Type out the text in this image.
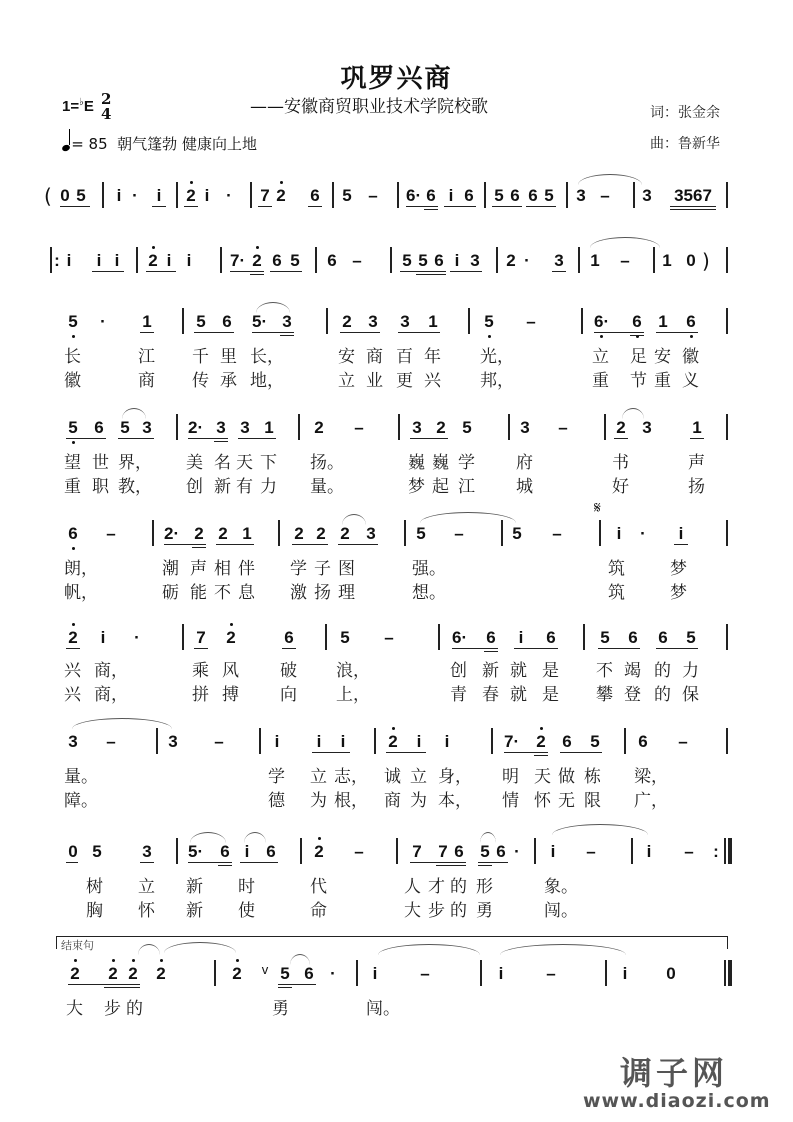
巩罗兴商
——安徽商贸职业技术学院校歌
1=♭E 2
4	词：张金余
曲：鲁新华
= 85 朝气篷勃 健康向上地
( 0 5 i · i 2 i · 7 2 6 5 – 6· 6 i 6 5 6 6 5 3 – 3	3567
: i i i 2 i i 7· 2 6 5 6 – 5 5 6 i 3 2 · 3 1 – 1 0 )
5 · 1	5 6 5· 3	2 3 3 1	5 –	6· 6 1 6
长	江 千 里 长，	安 商 百 年 光，	立 足 安 徽
徽	商 传 承 地，	立 业 更 兴 邦，	重 节 重 义
5 6 5 3 2· 3 3 1 2 –	3 2 5	3 –	2 3 1
望 世 界， 美 名 天 下 扬。	巍 巍 学 府	书	声
重 职 教， 创 新 有 力 量。	梦 起 江 城	好	扬
6 –	2· 2 2 1	2 2 2 3 5 –	5 –
𝄋
i · i
朗，	潮 声 相 伴 学 子 图	强。	筑	梦
帆，	砺 能 不 息 激 扬 理	想。	筑	梦
2 i ·	7 2	6	5 –	6· 6 i 6	5 6 6 5
兴 商，	乘 风 破 浪，	创 新 就 是 不 竭 的 力
兴 商，	拼 搏 向 上，	青 春 就 是 攀 登 的 保
3 –	3 –	i i i	2 i i	7· 2 6 5 6 –
量。	学 立 志， 诚 立 身， 明 天 做 栋 梁，
障。	德 为 根， 商 为 本， 情 怀 无 限 广，
0 5 3 5· 6 i 6 2 –	7 7 6 5 6 · i –	i – :
树 立 新 时	代	人 才 的 形	象。
胸 怀 新 使	命	大 步 的 勇	闯。
结束句
2 2 2 2	2 v 5 6 · i	–	i	–	i 0
大 步 的	勇	闯。
调子网
www.diaozi.com
